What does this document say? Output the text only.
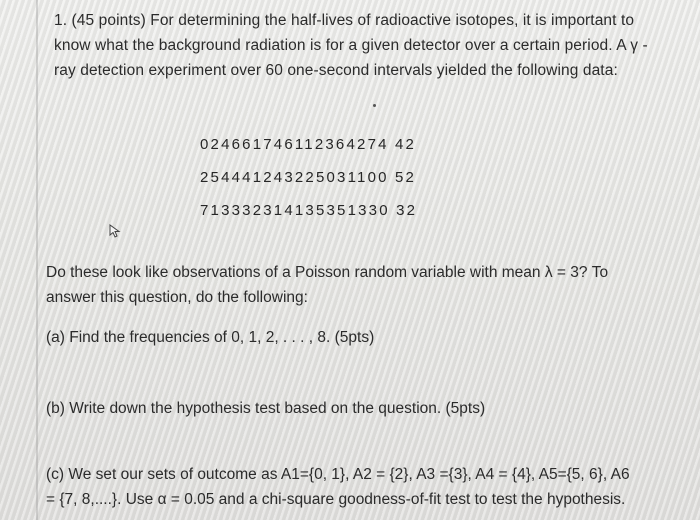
1. (45 points) For determining the half-lives of radioactive isotopes, it is important to
know what the background radiation is for a given detector over a certain period. A γ -
ray detection experiment over 60 one-second intervals yielded the following data:
024661746112364274 42
254441243225031100 52
713332314135351330 32
Do these look like observations of a Poisson random variable with mean λ = 3? To
answer this question, do the following:
(a) Find the frequencies of 0, 1, 2, . . . , 8. (5pts)
(b) Write down the hypothesis test based on the question. (5pts)
(c) We set our sets of outcome as A1={0, 1}, A2 = {2}, A3 ={3}, A4 = {4}, A5={5, 6}, A6
= {7, 8,....}. Use α = 0.05 and a chi-square goodness-of-fit test to test the hypothesis.
